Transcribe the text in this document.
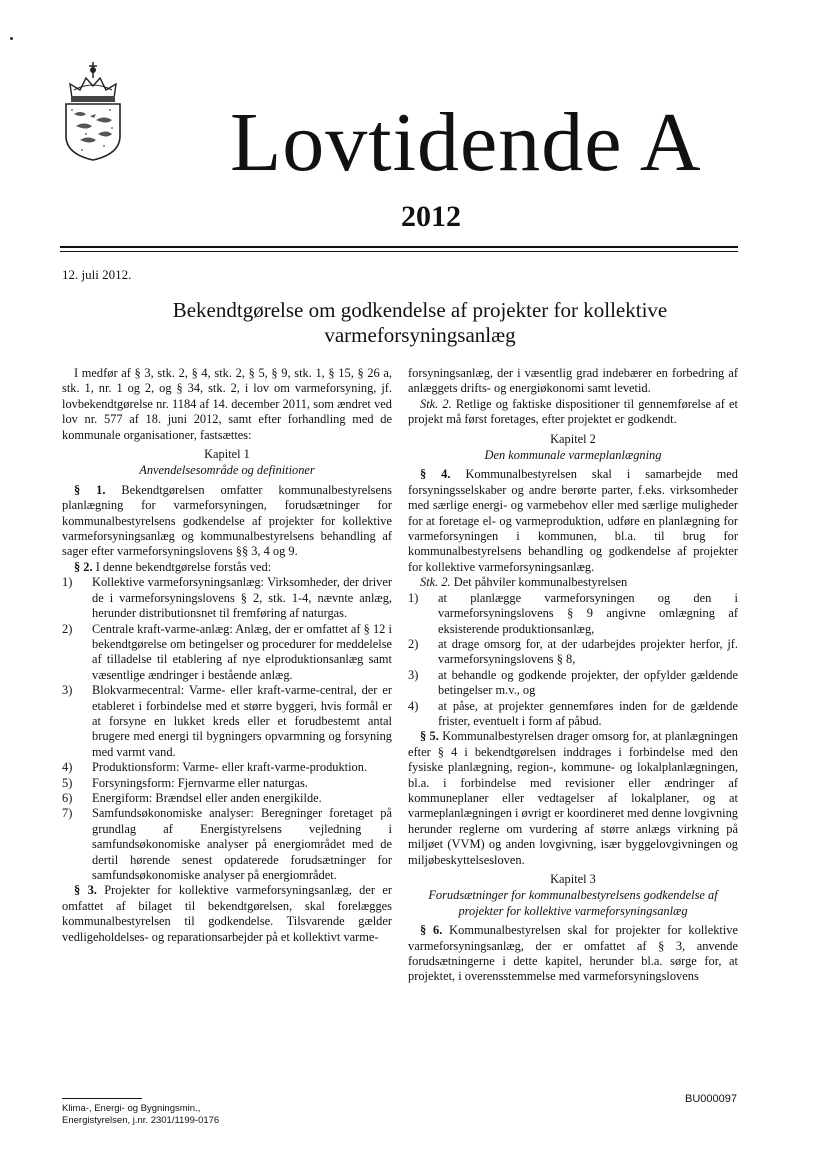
Lovtidende A
2012
12. juli 2012.
Bekendtgørelse om godkendelse af projekter for kollektive
varmeforsyningsanlæg

I medfør af § 3, stk. 2, § 4, stk. 2, § 5, § 9, stk. 1, § 15, § 26 a, stk. 1, nr. 1 og 2, og § 34, stk. 2, i lov om varmeforsyning, jf. lovbekendtgørelse nr. 1184 af 14. december 2011, som ændret ved lov nr. 577 af 18. juni 2012, samt efter forhandling med de kommunale organisationer, fastsættes:

Kapitel 1
Anvendelsesområde og definitioner

§ 1. Bekendtgørelsen omfatter kommunalbestyrelsens planlægning for varmeforsyningen, forudsætninger for kommunalbestyrelsens godkendelse af projekter for kollektive varmeforsyningsanlæg og kommunalbestyrelsens behandling af sager efter varmeforsyningslovens §§ 3, 4 og 9.

§ 2. I denne bekendtgørelse forstås ved:

1)	Kollektive varmeforsyningsanlæg: Virksomheder, der driver de i varmeforsyningslovens § 2, stk. 1-4, nævnte anlæg, herunder distributionsnet til fremføring af naturgas.
2)	Centrale kraft-varme-anlæg: Anlæg, der er omfattet af § 12 i bekendtgørelse om betingelser og procedurer for meddelelse af tilladelse til etablering af nye elproduktionsanlæg samt væsentlige ændringer i bestående anlæg.
3)	Blokvarmecentral: Varme- eller kraft-varme-central, der er etableret i forbindelse med et større byggeri, hvis formål er at forsyne en lukket kreds eller et forudbestemt antal brugere med energi til bygningers opvarmning og forsyning med varmt vand.
4)	Produktionsform: Varme- eller kraft-varme-produktion.
5)	Forsyningsform: Fjernvarme eller naturgas.
6)	Energiform: Brændsel eller anden energikilde.
7)	Samfundsøkonomiske analyser: Beregninger foretaget på grundlag af Energistyrelsens vejledning i samfundsøkonomiske analyser på energiområdet med de dertil hørende senest opdaterede forudsætninger for samfundsøkonomiske analyser på energiområdet.

§ 3. Projekter for kollektive varmeforsyningsanlæg, der er omfattet af bilaget til bekendtgørelsen, skal forelægges kommunalbestyrelsen til godkendelse. Tilsvarende gælder vedligeholdelses- og reparationsarbejder på et kollektivt varme-

forsyningsanlæg, der i væsentlig grad indebærer en forbedring af anlæggets drifts- og energiøkonomi samt levetid.

Stk. 2. Retlige og faktiske dispositioner til gennemførelse af et projekt må først foretages, efter projektet er godkendt.

Kapitel 2
Den kommunale varmeplanlægning

§ 4. Kommunalbestyrelsen skal i samarbejde med forsyningsselskaber og andre berørte parter, f.eks. virksomheder med særlige energi- og varmebehov eller med særlige muligheder for at foretage el- og varmeproduktion, udføre en planlægning for varmeforsyningen i kommunen, bl.a. til brug for kommunalbestyrelsens behandling og godkendelse af projekter for kollektive varmeforsyningsanlæg.

Stk. 2. Det påhviler kommunalbestyrelsen

1)	at planlægge varmeforsyningen og den i varmeforsyningslovens § 9 angivne omlægning af eksisterende produktionsanlæg,
2)	at drage omsorg for, at der udarbejdes projekter herfor, jf. varmeforsyningslovens § 8,
3)	at behandle og godkende projekter, der opfylder gældende betingelser m.v., og
4)	at påse, at projekter gennemføres inden for de gældende frister, eventuelt i form af påbud.

§ 5. Kommunalbestyrelsen drager omsorg for, at planlægningen efter § 4 i bekendtgørelsen inddrages i forbindelse med den fysiske planlægning, region-, kommune- og lokalplanlægningen, bl.a. i forbindelse med revisioner eller ændringer af kommuneplaner eller vedtagelser af lokalplaner, og at varmeplanlægningen i øvrigt er koordineret med denne lovgivning herunder reglerne om vurdering af større anlægs virkning på miljøet (VVM) og anden lovgivning, især byggelovgivningen og miljøbeskyttelsesloven.

Kapitel 3
Forudsætninger for kommunalbestyrelsens godkendelse af projekter for kollektive varmeforsyningsanlæg

§ 6. Kommunalbestyrelsen skal for projekter for kollektive varmeforsyningsanlæg, der er omfattet af § 3, anvende forudsætningerne i dette kapitel, herunder bl.a. sørge for, at projektet, i overensstemmelse med varmeforsyningslovens

BU000097
Klima-, Energi- og Bygningsmin.,
Energistyrelsen, j.nr. 2301/1199-0176
